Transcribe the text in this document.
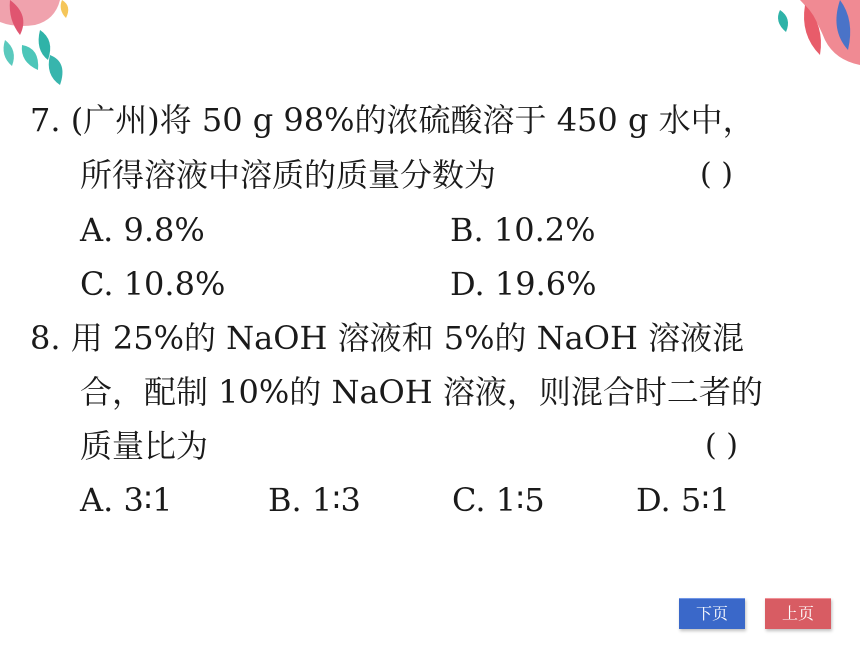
7. (广州)将 50 g 98%的浓硫酸溶于 450 g 水中，
所得溶液中溶质的质量分数为	( )
A. 9.8%	B. 10.2%
C. 10.8%	D. 19.6%
8. 用 25%的 NaOH 溶液和 5%的 NaOH 溶液混
合，配制 10%的 NaOH 溶液，则混合时二者的
质量比为	( )
A. 3∶1	B. 1∶3	C. 1∶5	D. 5∶1
下页	上页
